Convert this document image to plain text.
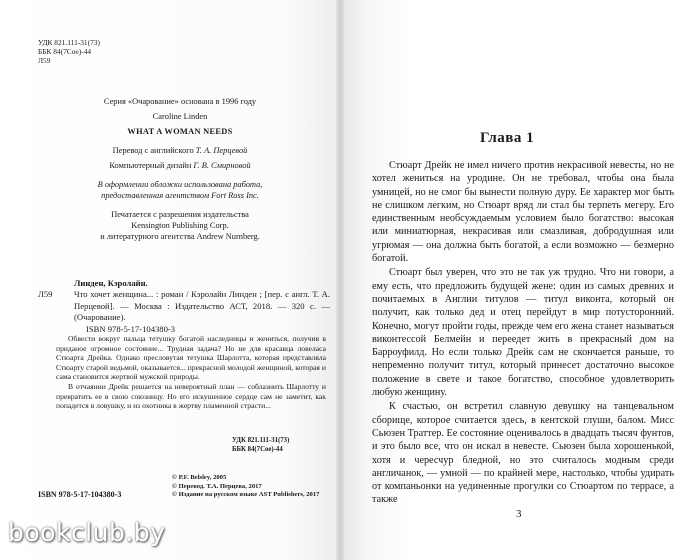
УДК 821.111-31(73)
ББК 84(7Сое)-44
Л59
Серия «Очарование» основана в 1996 году
Caroline Linden
WHAT A WOMAN NEEDS
Перевод с английского Т. А. Перцевой
Компьютерный дизайн Г. В. Смирновой
В оформлении обложки использована работа,
предоставленная агентством Fort Ross Inc.
Печатается с разрешения издательства
Kensington Publishing Corp.
и литературного агентства Andrew Nurnberg.
Линден, Кэролайн.
Л59	Что хочет женщина... : роман / Кэролайн Линден ; [пер. с англ. Т. А. Перцевой]. — Москва : Издательство АСТ, 2018. — 320 с. — (Очарование).
ISBN 978-5-17-104380-3

Обвести вокруг пальца тетушку богатой наследницы и жениться, получив в приданое огромное состояние... Трудная задача? Но не для красавца ловеласа Стюарта Дрейка. Однако пресловутая тетушка Шарлотта, которая представляла Стюарту старой ведьмой, оказывается... прекрасной молодой женщиной, которая и сама становится жертвой мужской природы.

В отчаянии Дрейк решается на невероятный план — соблазнить Шарлотту и превратить ее в свою союзницу. Но его искушенное сердце сам не заметит, как попадется в ловушку, и из охотника в жертву пламенной страсти...

УДК 821.111-31(73)
ББК 84(7Сое)-44
© P.F. Belsley, 2005
© Перевод. Т.А. Перцева, 2017
© Издание на русском языке AST Publishers, 2017
ISBN 978-5-17-104380-3
Глава 1

Стюарт Дрейк не имел ничего против некрасивой невесты, но не хотел жениться на уродине. Он не требовал, чтобы она была умницей, но не смог бы вынести полную дуру. Ее характер мог быть не слишком легким, но Стюарт вряд ли стал бы терпеть мегеру. Его единственным необсуждаемым условием было богатство: высокая или миниатюрная, некрасивая или смазливая, добродушная или угрюмая — она должна быть богатой, а если возможно — безмерно богатой.

Стюарт был уверен, что это не так уж трудно. Что ни говори, а ему есть, что предложить будущей жене: один из самых древних и почитаемых в Англии титулов — титул виконта, который он получит, как только дед и отец перейдут в мир потусторонний. Конечно, могут пройти годы, прежде чем его жена станет называться виконтессой Белмейн и переедет жить в прекрасный дом на Барроуфилд. Но если только Дрейк сам не скончается раньше, то непременно получит титул, который принесет достаточно высокое положение в свете и такое богатство, способное удовлетворить любую женщину.

К счастью, он встретил славную девушку на танцевальном сборище, которое считается здесь, в кентской глуши, балом. Мисс Сьюзен Траттер. Ее состояние оценивалось в двадцать тысяч фунтов, и это было все, что он искал в невесте. Сьюзен была хорошенькой, хотя и чересчур бледной, но это считалось модным среди англичанок, — умной — по крайней мере, настолько, чтобы удирать от компаньонки на уединенные прогулки со Стюартом по террасе, а также

3
bookclub.by
